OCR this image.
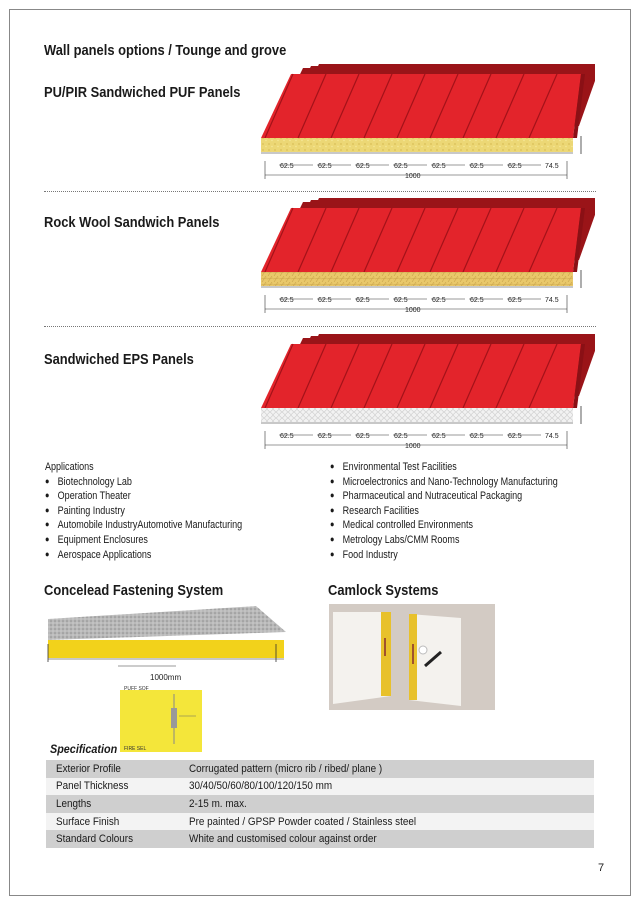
Wall panels options / Tounge and grove
PU/PIR Sandwiched PUF Panels
62.5	62.5	62.5	62.5	62.5	62.5	62.5	74.5
1000
Rock Wool Sandwich Panels
62.5	62.5	62.5	62.5	62.5	62.5	62.5	74.5
1000
Sandwiched EPS Panels
62.5	62.5	62.5	62.5	62.5	62.5	62.5	74.5
1000
Applications
● Biotechnology Lab
● Operation Theater
● Painting Industry
● Automobile IndustryAutomotive Manufacturing
● Equipment Enclosures
● Aerospace Applications
● Environmental Test Facilities
● Microelectronics and Nano-Technology Manufacturing
● Pharmaceutical and Nutraceutical Packaging
● Research Facilities
● Medical controlled Environments
● Metrology Labs/CMM Rooms
● Food Industry
Concelead Fastening System
1000mm
PUFF SOF
FIRE SEL
Camlock Systems
Specification
Exterior Profile	Corrugated pattern (micro rib / ribed/ plane )
Panel Thickness	30/40/50/60/80/100/120/150 mm
Lengths	2-15 m. max.
Surface Finish	Pre painted / GPSP Powder coated / Stainless steel
Standard Colours	White and customised colour against order
7
